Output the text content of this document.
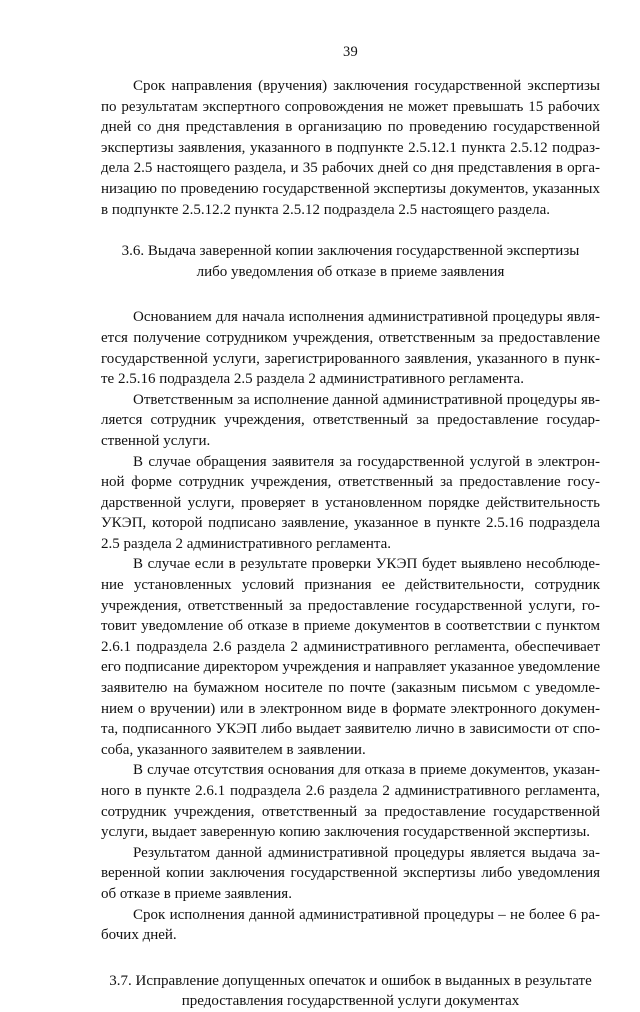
39

Срок направления (вручения) заключения государственной экспертизы по результатам экспертного сопровождения не может превышать 15 рабочих дней со дня представления в организацию по проведению государственной экспертизы заявления, указанного в подпункте 2.5.12.1 пункта 2.5.12 подраздела 2.5 настоящего раздела, и 35 рабочих дней со дня представления в организацию по проведению государственной экспертизы документов, указанных в подпункте 2.5.12.2 пункта 2.5.12 подраздела 2.5 настоящего раздела.

3.6. Выдача заверенной копии заключения государственной экспертизы
либо уведомления об отказе в приеме заявления

Основанием для начала исполнения административной процедуры является получение сотрудником учреждения, ответственным за предоставление государственной услуги, зарегистрированного заявления, указанного в пункте 2.5.16 подраздела 2.5 раздела 2 административного регламента.

Ответственным за исполнение данной административной процедуры является сотрудник учреждения, ответственный за предоставление государственной услуги.

В случае обращения заявителя за государственной услугой в электронной форме сотрудник учреждения, ответственный за предоставление государственной услуги, проверяет в установленном порядке действительность УКЭП, которой подписано заявление, указанное в пункте 2.5.16 подраздела 2.5 раздела 2 административного регламента.

В случае если в результате проверки УКЭП будет выявлено несоблюдение установленных условий признания ее действительности, сотрудник учреждения, ответственный за предоставление государственной услуги, готовит уведомление об отказе в приеме документов в соответствии с пунктом 2.6.1 подраздела 2.6 раздела 2 административного регламента, обеспечивает его подписание директором учреждения и направляет указанное уведомление заявителю на бумажном носителе по почте (заказным письмом с уведомлением о вручении) или в электронном виде в формате электронного документа, подписанного УКЭП либо выдает заявителю лично в зависимости от способа, указанного заявителем в заявлении.

В случае отсутствия основания для отказа в приеме документов, указанного в пункте 2.6.1 подраздела 2.6 раздела 2 административного регламента, сотрудник учреждения, ответственный за предоставление государственной услуги, выдает заверенную копию заключения государственной экспертизы.

Результатом данной административной процедуры является выдача заверенной копии заключения государственной экспертизы либо уведомления об отказе в приеме заявления.

Срок исполнения данной административной процедуры – не более 6 рабочих дней.

3.7. Исправление допущенных опечаток и ошибок в выданных в результате
предоставления государственной услуги документах
